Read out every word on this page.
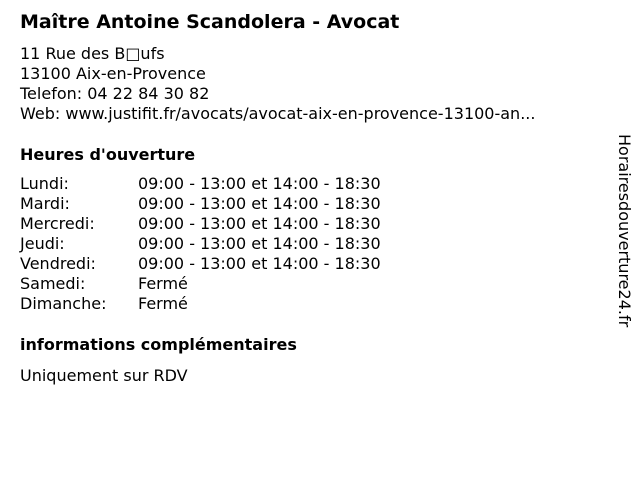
Maître Antoine Scandolera - Avocat
11 Rue des B□ufs
13100 Aix-en-Provence
Telefon: 04 22 84 30 82
Web: www.justifit.fr/avocats/avocat-aix-en-provence-13100-an...
Heures d'ouverture
Lundi:	09:00 - 13:00 et 14:00 - 18:30
Mardi:	09:00 - 13:00 et 14:00 - 18:30
Mercredi:	09:00 - 13:00 et 14:00 - 18:30
Jeudi:	09:00 - 13:00 et 14:00 - 18:30
Vendredi:	09:00 - 13:00 et 14:00 - 18:30
Samedi:	Fermé
Dimanche:	Fermé
informations complémentaires
Uniquement sur RDV
Horairesdouverture24.fr
